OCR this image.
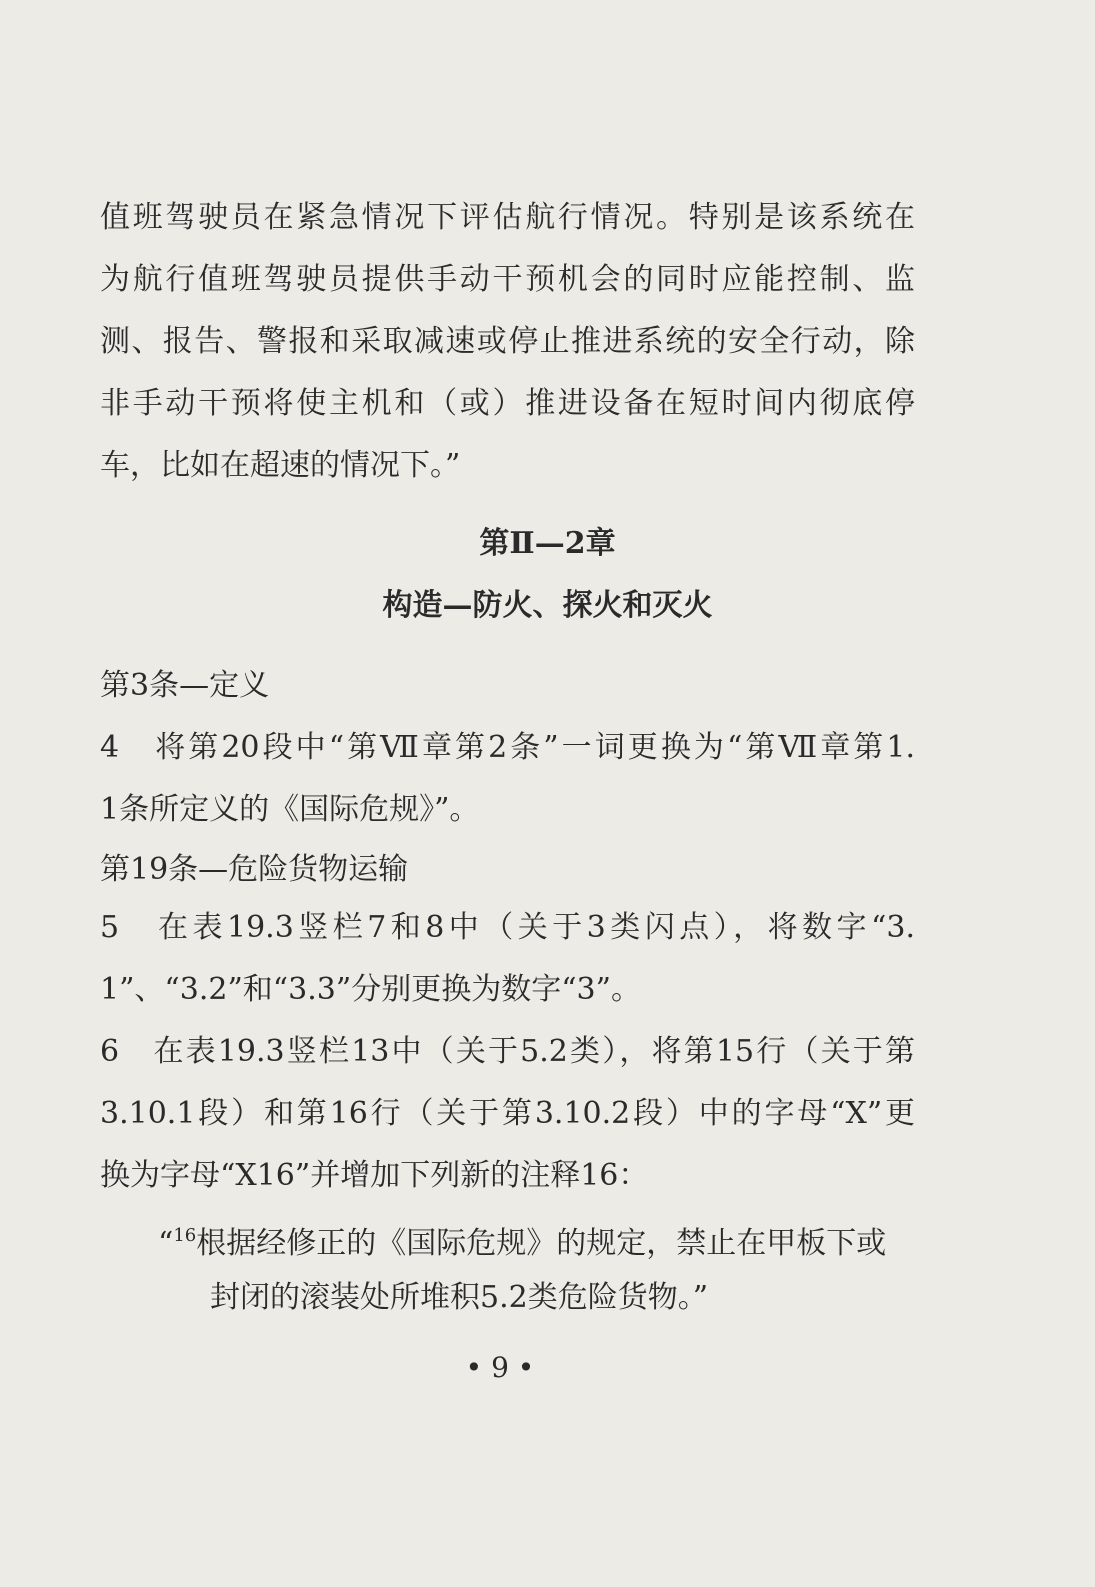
值班驾驶员在紧急情况下评估航行情况。特别是该系统在
为航行值班驾驶员提供手动干预机会的同时应能控制、监
测、报告、警报和采取减速或停止推进系统的安全行动，除
非手动干预将使主机和（或）推进设备在短时间内彻底停
车，比如在超速的情况下。”
第Ⅱ—2章
构造—防火、探火和灭火
第3条—定义
4　将第20段中“第Ⅶ章第2条”一词更换为“第Ⅶ章第1.
1条所定义的《国际危规》”。
第19条—危险货物运输
5　在表19.3竖栏7和8中（关于3类闪点），将数字“3.
1”、“3.2”和“3.3”分别更换为数字“3”。
6　在表19.3竖栏13中（关于5.2类），将第15行（关于第
3.10.1段）和第16行（关于第3.10.2段）中的字母“X”更
换为字母“X16”并增加下列新的注释16：
“$^{16}$根据经修正的《国际危规》的规定，禁止在甲板下或
封闭的滚装处所堆积5.2类危险货物。”
• 9 •
